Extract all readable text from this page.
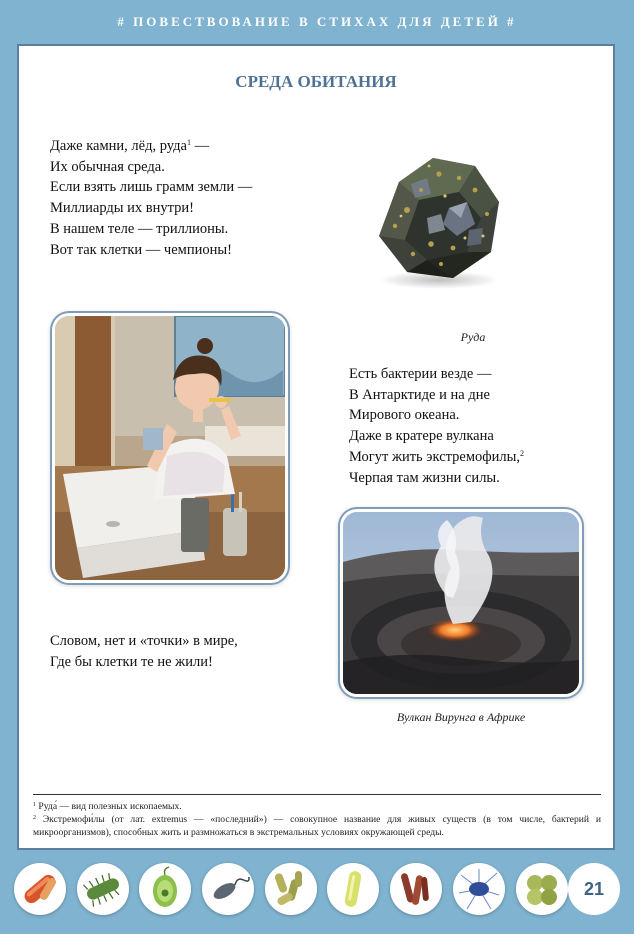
# ПОВЕСТВОВАНИЕ В СТИХАХ ДЛЯ ДЕТЕЙ #
СРЕДА ОБИТАНИЯ
Даже камни, лёд, руда$^1$ —
Их обычная среда.
Если взять лишь грамм земли —
Миллиарды их внутри!
В нашем теле — триллионы.
Вот так клетки — чемпионы!
Руда
Есть бактерии везде —
В Антарктиде и на дне
Мирового океана.
Даже в кратере вулкана
Могут жить экстремофилы,$^2$
Черпая там жизни силы.
Вулкан Вирунга в Африке
Словом, нет и «точки» в мире,
Где бы клетки те не жили!
$^1$ Руда́ — вид полезных ископаемых.
$^2$ Экстремофи́лы (от лат. extremus — «последний») — совокупное название для живых существ (в том числе, бактерий и микроорганизмов), способных жить и размножаться в экстремальных условиях окружающей среды.
21
